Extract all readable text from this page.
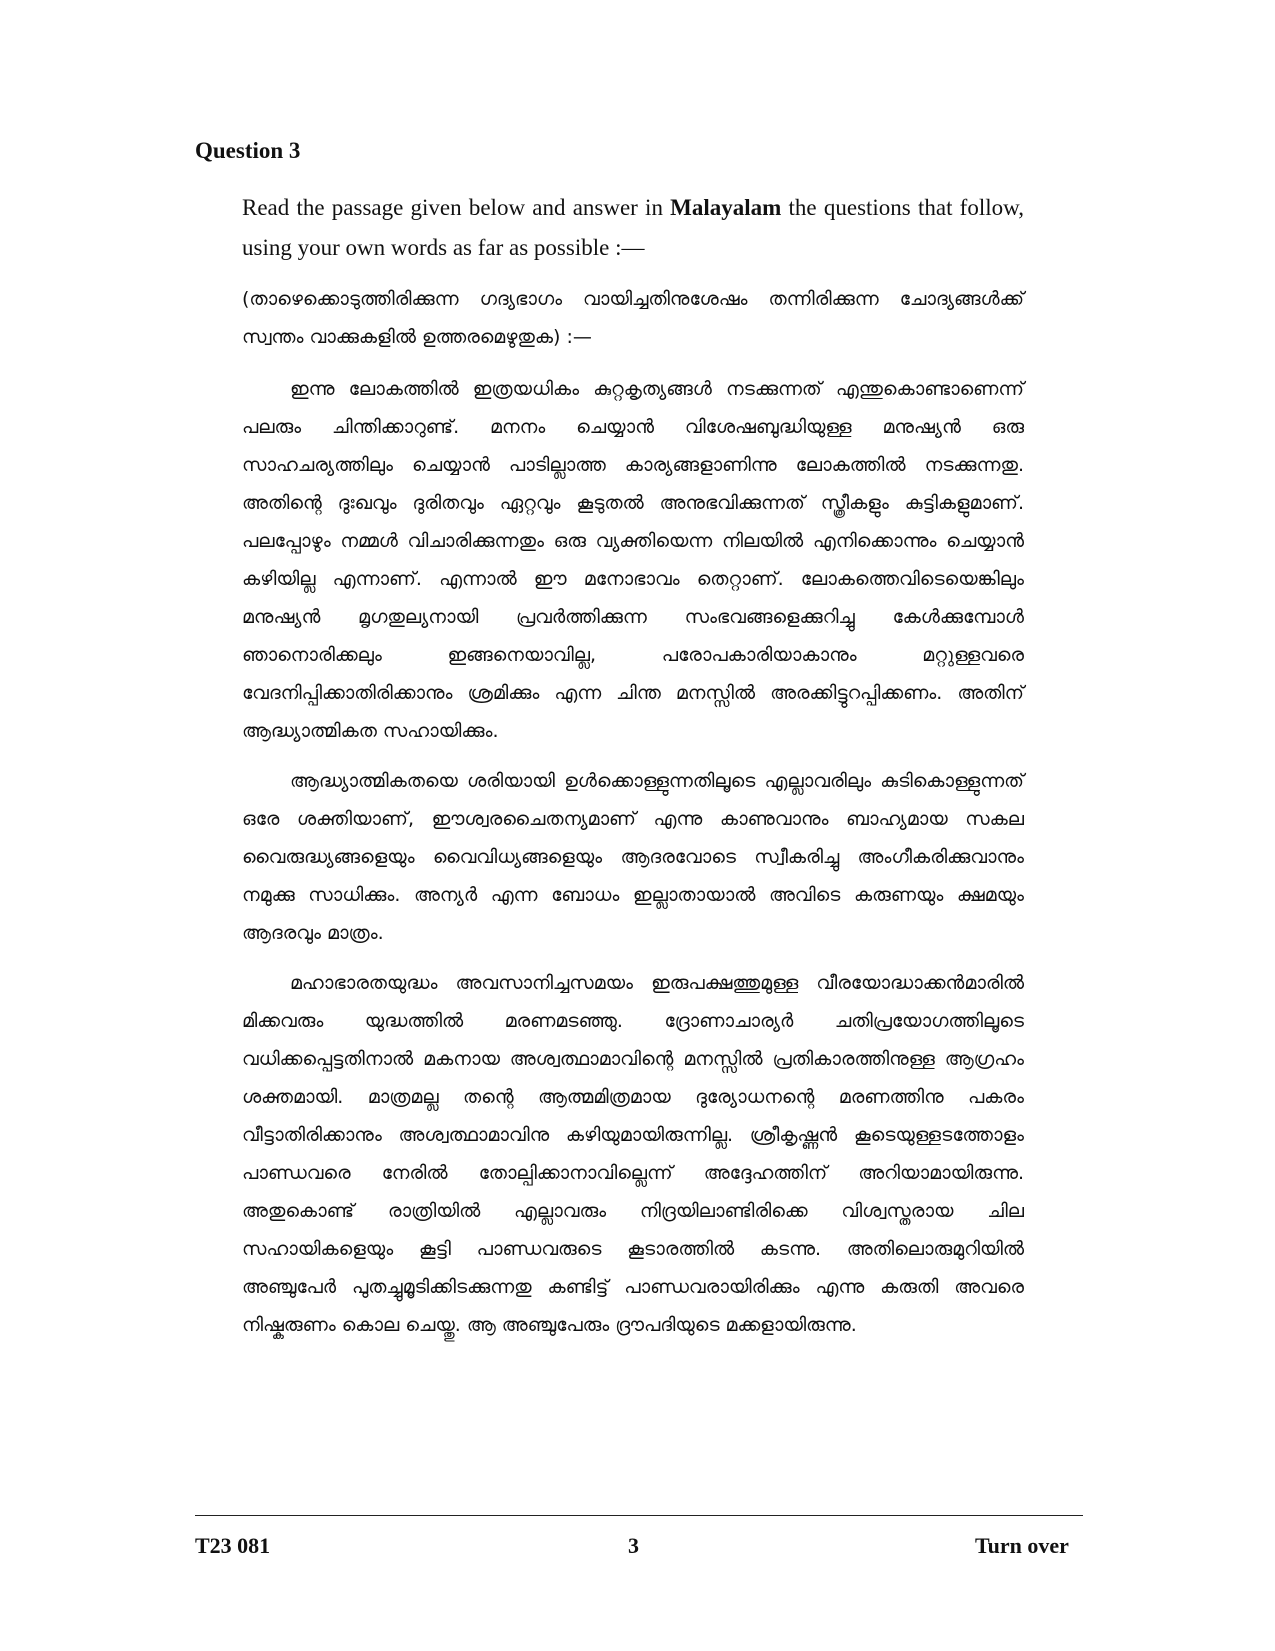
Question 3

Read the passage given below and answer in Malayalam the questions that follow, using your own words as far as possible :—

(താഴെക്കൊടുത്തിരിക്കുന്ന ഗദ്യഭാഗം വായിച്ചതിനുശേഷം തന്നിരിക്കുന്ന ചോദ്യങ്ങൾക്ക് സ്വന്തം വാക്കുകളിൽ ഉത്തരമെഴുതുക) :—

ഇന്നു ലോകത്തിൽ ഇത്രയധികം കുറ്റകൃത്യങ്ങൾ നടക്കുന്നത് എന്തുകൊണ്ടാണെന്ന് പലരും ചിന്തിക്കാറുണ്ട്. മനനം ചെയ്യാൻ വിശേഷബുദ്ധിയുള്ള മനുഷ്യൻ ഒരു സാഹചര്യത്തിലും ചെയ്യാൻ പാടില്ലാത്ത കാര്യങ്ങളാണിന്നു ലോകത്തിൽ നടക്കുന്നതു. അതിന്റെ ദുഃഖവും ദുരിതവും ഏറ്റവും കൂടുതൽ അനുഭവിക്കുന്നത് സ്ത്രീകളും കുട്ടികളുമാണ്. പലപ്പോഴും നമ്മൾ വിചാരിക്കുന്നതും ഒരു വ്യക്തിയെന്ന നിലയിൽ എനിക്കൊന്നും ചെയ്യാൻ കഴിയില്ല എന്നാണ്. എന്നാൽ ഈ മനോഭാവം തെറ്റാണ്. ലോകത്തെവിടെയെങ്കിലും മനുഷ്യൻ മൃഗതുല്യനായി പ്രവർത്തിക്കുന്ന സംഭവങ്ങളെക്കുറിച്ചു കേൾക്കുമ്പോൾ ഞാനൊരിക്കലും ഇങ്ങനെയാവില്ല, പരോപകാരിയാകാനും മറ്റുള്ളവരെ വേദനിപ്പിക്കാതിരിക്കാനും ശ്രമിക്കും എന്ന ചിന്ത മനസ്സിൽ അരക്കിട്ടുറപ്പിക്കണം. അതിന് ആദ്ധ്യാത്മികത സഹായിക്കും.

ആദ്ധ്യാത്മികതയെ ശരിയായി ഉൾക്കൊള്ളുന്നതിലൂടെ എല്ലാവരിലും കുടികൊള്ളുന്നത് ഒരേ ശക്തിയാണ്, ഈശ്വരചൈതന്യമാണ് എന്നു കാണുവാനും ബാഹ്യമായ സകല വൈരുദ്ധ്യങ്ങളെയും വൈവിധ്യങ്ങളെയും ആദരവോടെ സ്വീകരിച്ചു അംഗീകരിക്കുവാനും നമുക്കു സാധിക്കും. അന്യർ എന്ന ബോധം ഇല്ലാതായാൽ അവിടെ കരുണയും ക്ഷമയും ആദരവും മാത്രം.

മഹാഭാരതയുദ്ധം അവസാനിച്ചസമയം ഇരുപക്ഷത്തുമുള്ള വീരയോദ്ധാക്കൻമാരിൽ മിക്കവരും യുദ്ധത്തിൽ മരണമടഞ്ഞു. ദ്രോണാചാര്യർ ചതിപ്രയോഗത്തിലൂടെ വധിക്കപ്പെട്ടതിനാൽ മകനായ അശ്വത്ഥാമാവിന്റെ മനസ്സിൽ പ്രതികാരത്തിനുള്ള ആഗ്രഹം ശക്തമായി. മാത്രമല്ല തന്റെ ആത്മമിത്രമായ ദുര്യോധനന്റെ മരണത്തിനു പകരം വീട്ടാതിരിക്കാനും അശ്വത്ഥാമാവിനു കഴിയുമായിരുന്നില്ല. ശ്രീകൃഷ്ണൻ കൂടെയുള്ളടത്തോളം പാണ്ഡവരെ നേരിൽ തോല്പിക്കാനാവില്ലെന്ന് അദ്ദേഹത്തിന് അറിയാമായിരുന്നു. അതുകൊണ്ട് രാത്രിയിൽ എല്ലാവരും നിദ്രയിലാണ്ടിരിക്കെ വിശ്വസ്തരായ ചില സഹായികളെയും കൂട്ടി പാണ്ഡവരുടെ കൂടാരത്തിൽ കടന്നു. അതിലൊരുമുറിയിൽ അഞ്ചുപേർ പുതച്ചുമൂടിക്കിടക്കുന്നതു കണ്ടിട്ട് പാണ്ഡവരായിരിക്കും എന്നു കരുതി അവരെ നിഷ്കരുണം കൊല ചെയ്തു. ആ അഞ്ചുപേരും ദ്രൗപദിയുടെ മക്കളായിരുന്നു.

T23 081	3	Turn over
